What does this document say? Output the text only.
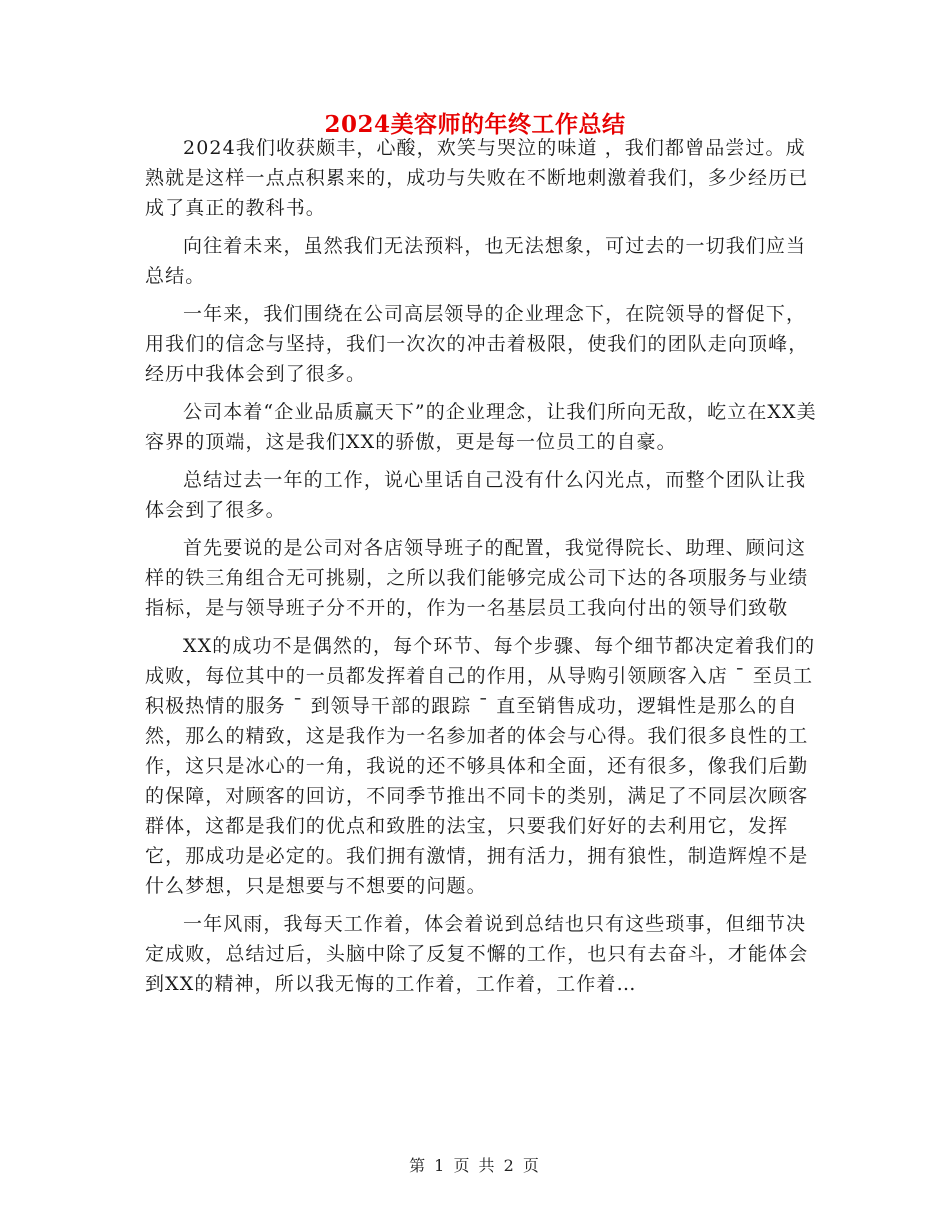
2024美容师的年终工作总结

2024我们收获颇丰，心酸，欢笑与哭泣的味道 ，我们都曾品尝过。成熟就是这样一点点积累来的，成功与失败在不断地刺激着我们，多少经历已成了真正的教科书。

向往着未来，虽然我们无法预料，也无法想象，可过去的一切我们应当总结。

一年来，我们围绕在公司高层领导的企业理念下，在院领导的督促下，用我们的信念与坚持，我们一次次的冲击着极限，使我们的团队走向顶峰，经历中我体会到了很多。

公司本着“企业品质赢天下”的企业理念，让我们所向无敌，屹立在XX美容界的顶端，这是我们XX的骄傲，更是每一位员工的自豪。

总结过去一年的工作，说心里话自己没有什么闪光点，而整个团队让我体会到了很多。

首先要说的是公司对各店领导班子的配置，我觉得院长、助理、顾问这样的铁三角组合无可挑剔，之所以我们能够完成公司下达的各项服务与业绩指标，是与领导班子分不开的，作为一名基层员工我向付出的领导们致敬

XX的成功不是偶然的，每个环节、每个步骤、每个细节都决定着我们的成败，每位其中的一员都发挥着自己的作用，从导购引领顾客入店 ¯ 至员工积极热情的服务 ¯ 到领导干部的跟踪 ¯ 直至销售成功，逻辑性是那么的自然，那么的精致，这是我作为一名参加者的体会与心得。我们很多良性的工作，这只是冰心的一角，我说的还不够具体和全面，还有很多，像我们后勤的保障，对顾客的回访，不同季节推出不同卡的类别，满足了不同层次顾客群体，这都是我们的优点和致胜的法宝，只要我们好好的去利用它，发挥它，那成功是必定的。我们拥有激情，拥有活力，拥有狼性，制造辉煌不是什么梦想，只是想要与不想要的问题。

一年风雨，我每天工作着，体会着说到总结也只有这些琐事，但细节决定成败，总结过后，头脑中除了反复不懈的工作，也只有去奋斗，才能体会到XX的精神，所以我无悔的工作着，工作着，工作着…

第 1 页 共 2 页
